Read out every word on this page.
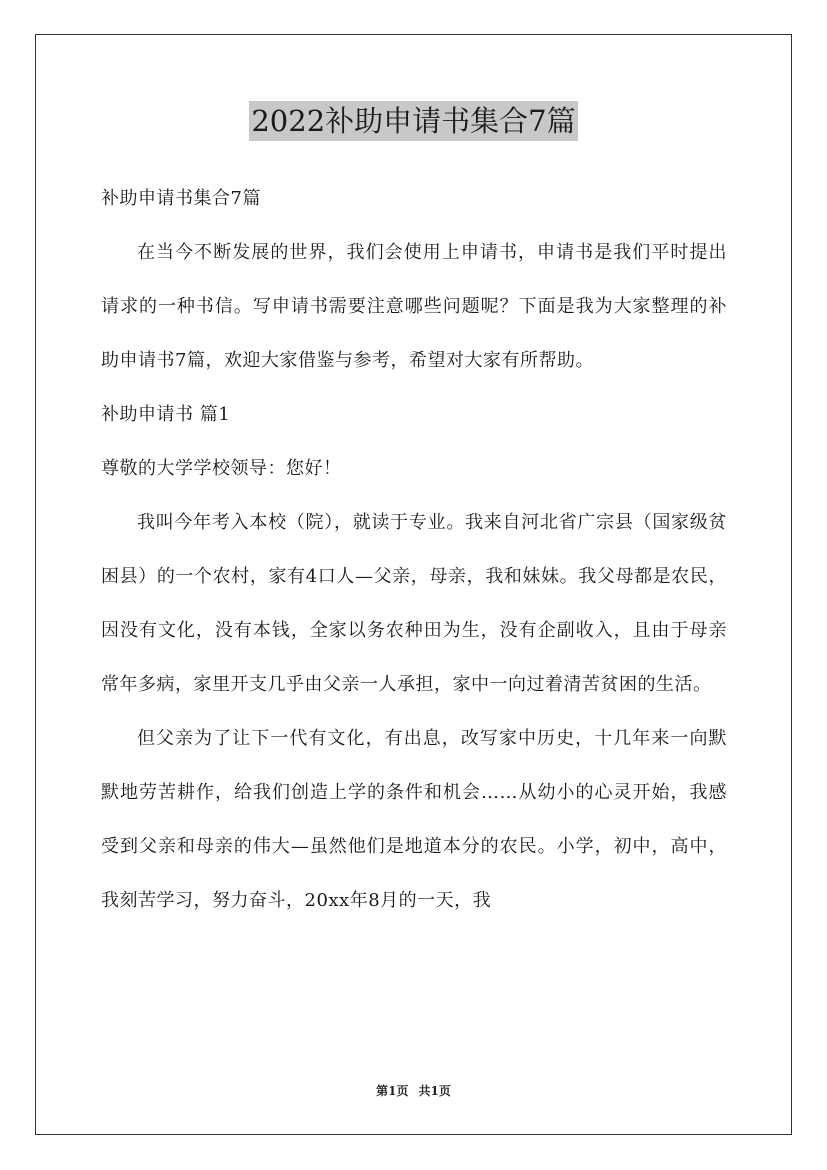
2022补助申请书集合7篇

补助申请书集合7篇

在当今不断发展的世界，我们会使用上申请书，申请书是我们平时提出请求的一种书信。写申请书需要注意哪些问题呢？下面是我为大家整理的补助申请书7篇，欢迎大家借鉴与参考，希望对大家有所帮助。

补助申请书 篇1

尊敬的大学学校领导：您好！

我叫今年考入本校（院），就读于专业。我来自河北省广宗县（国家级贫困县）的一个农村，家有4口人—父亲，母亲，我和妹妹。我父母都是农民，因没有文化，没有本钱，全家以务农种田为生，没有企副收入，且由于母亲常年多病，家里开支几乎由父亲一人承担，家中一向过着清苦贫困的生活。

但父亲为了让下一代有文化，有出息，改写家中历史，十几年来一向默默地劳苦耕作，给我们创造上学的条件和机会……从幼小的心灵开始，我感受到父亲和母亲的伟大—虽然他们是地道本分的农民。小学，初中，高中，我刻苦学习，努力奋斗，20xx年8月的一天，我

第1页 共1页
